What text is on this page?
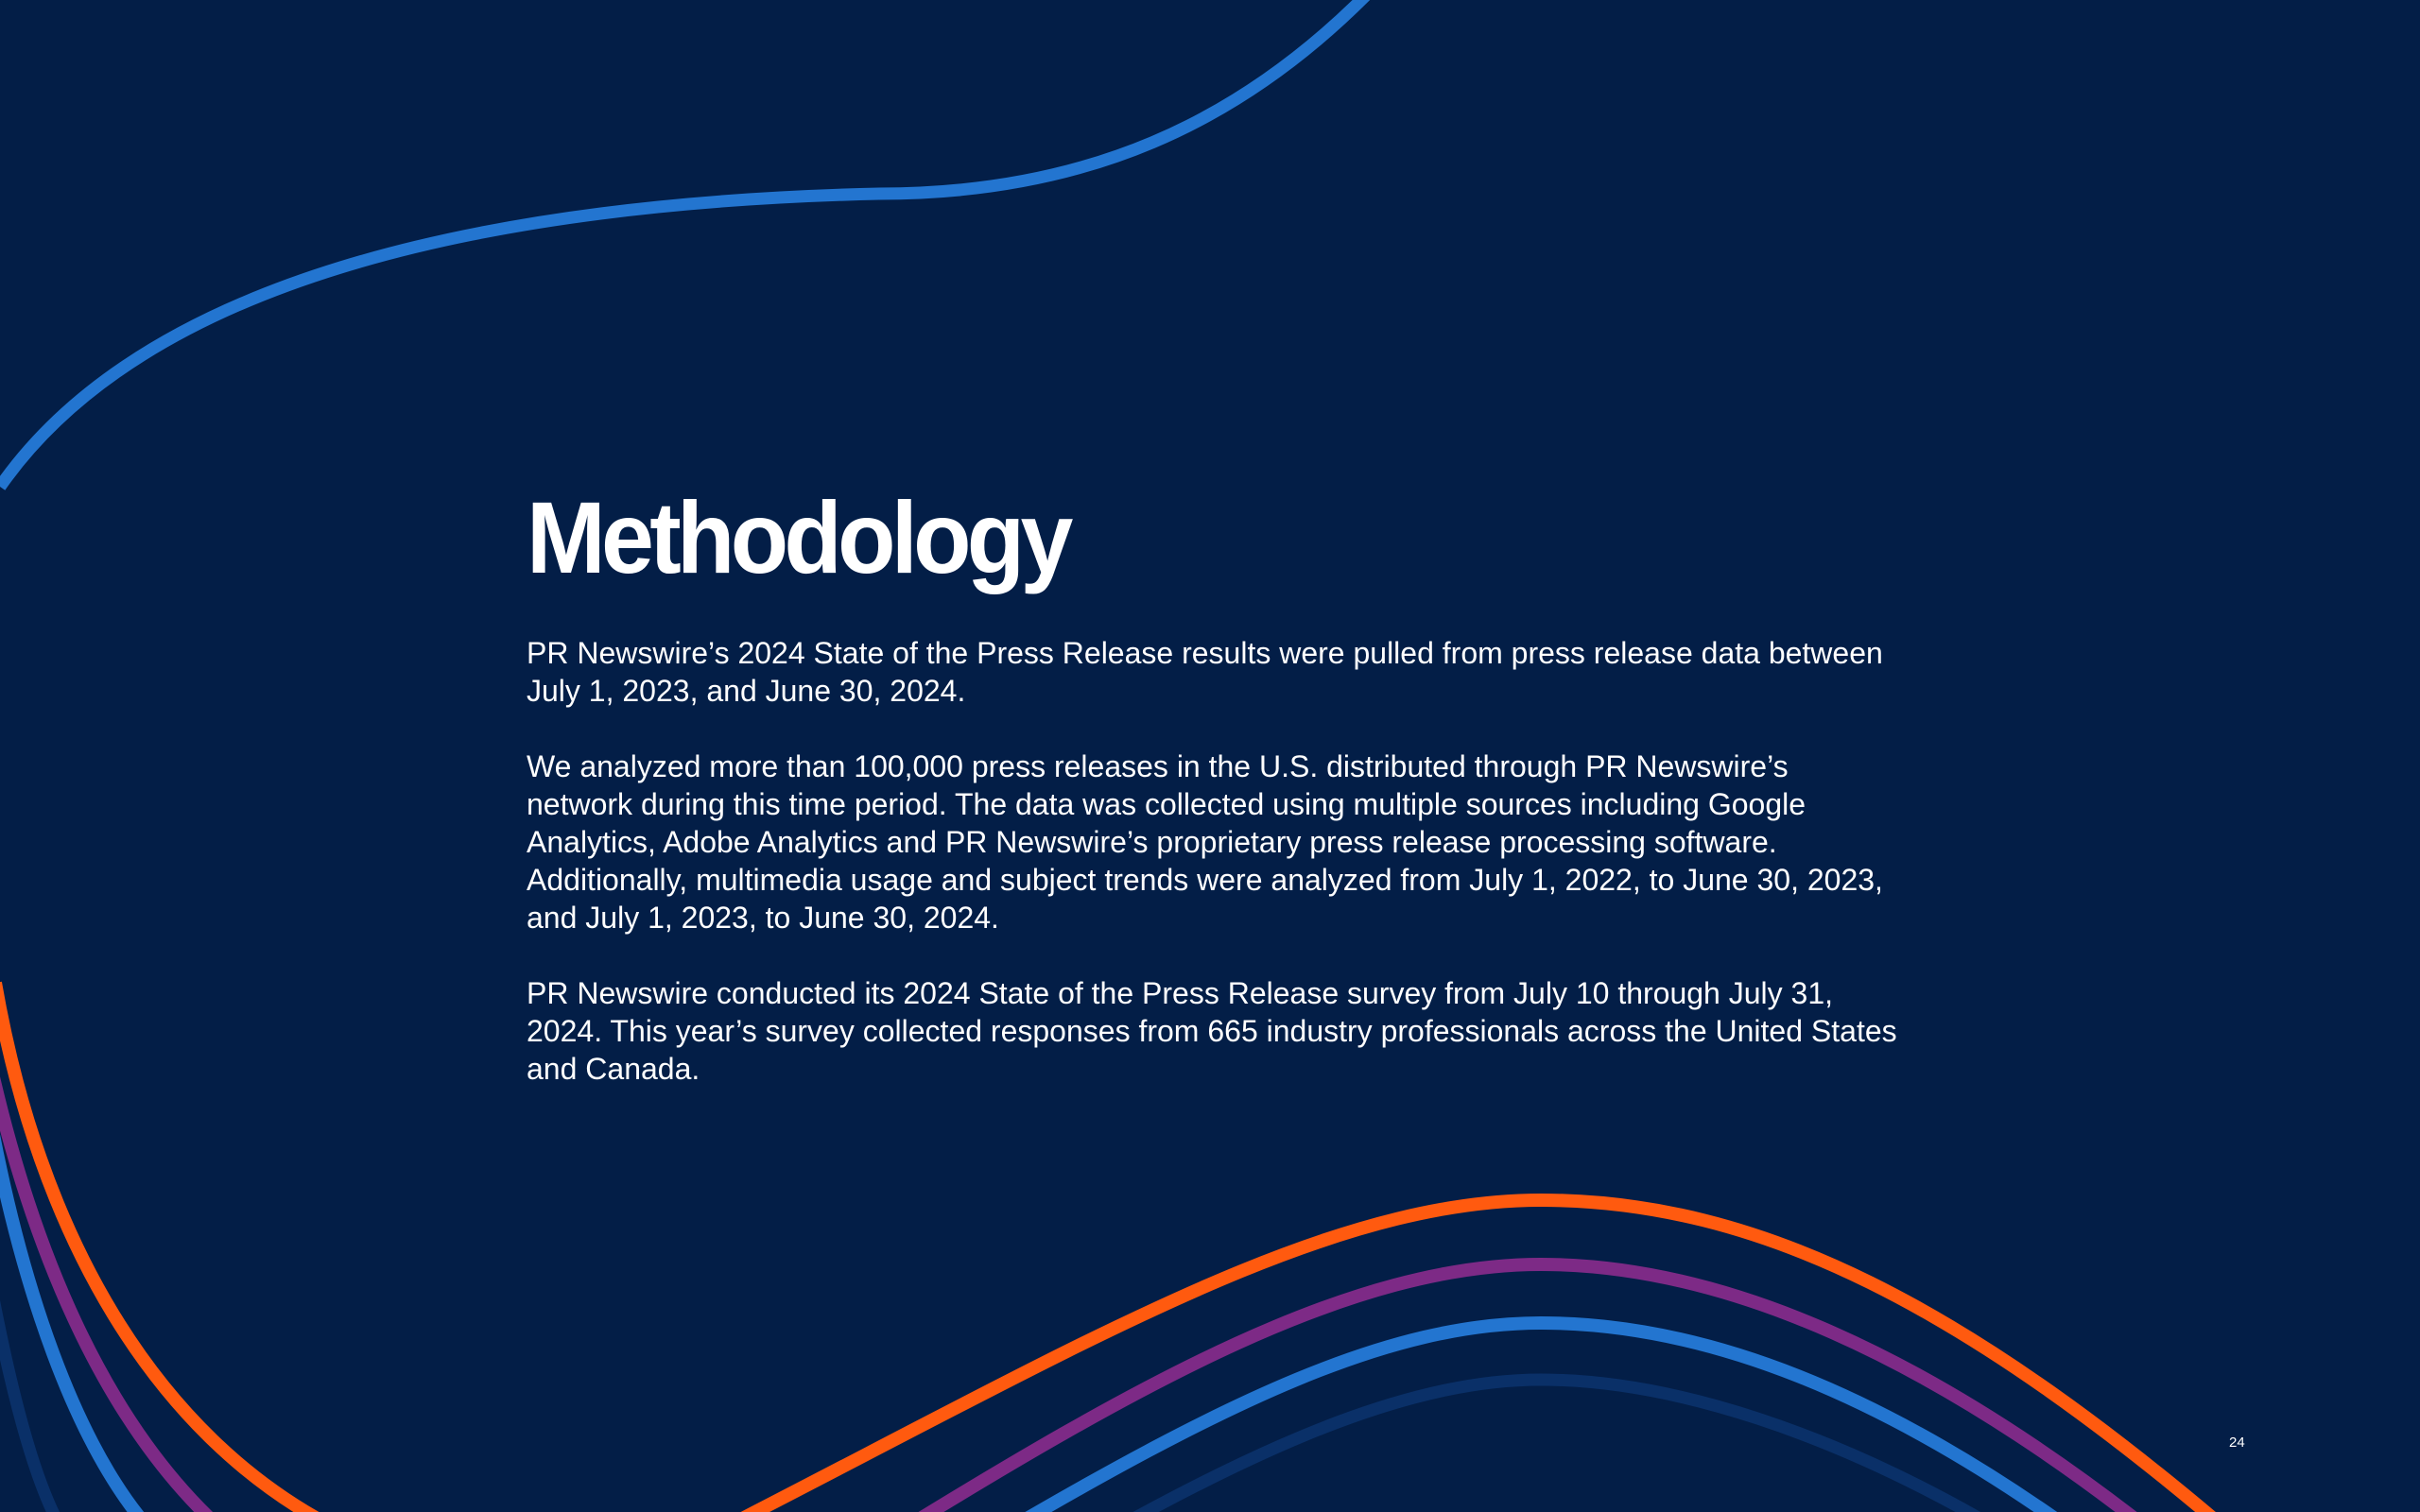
Methodology

PR Newswire’s 2024 State of the Press Release results were pulled from press release data between July 1, 2023, and June 30, 2024.

We analyzed more than 100,000 press releases in the U.S. distributed through PR Newswire’s network during this time period. The data was collected using multiple sources including Google Analytics, Adobe Analytics and PR Newswire’s proprietary press release processing software. Additionally, multimedia usage and subject trends were analyzed from July 1, 2022, to June 30, 2023, and July 1, 2023, to June 30, 2024.

PR Newswire conducted its 2024 State of the Press Release survey from July 10 through July 31, 2024. This year’s survey collected responses from 665 industry professionals across the United States and Canada.

24
